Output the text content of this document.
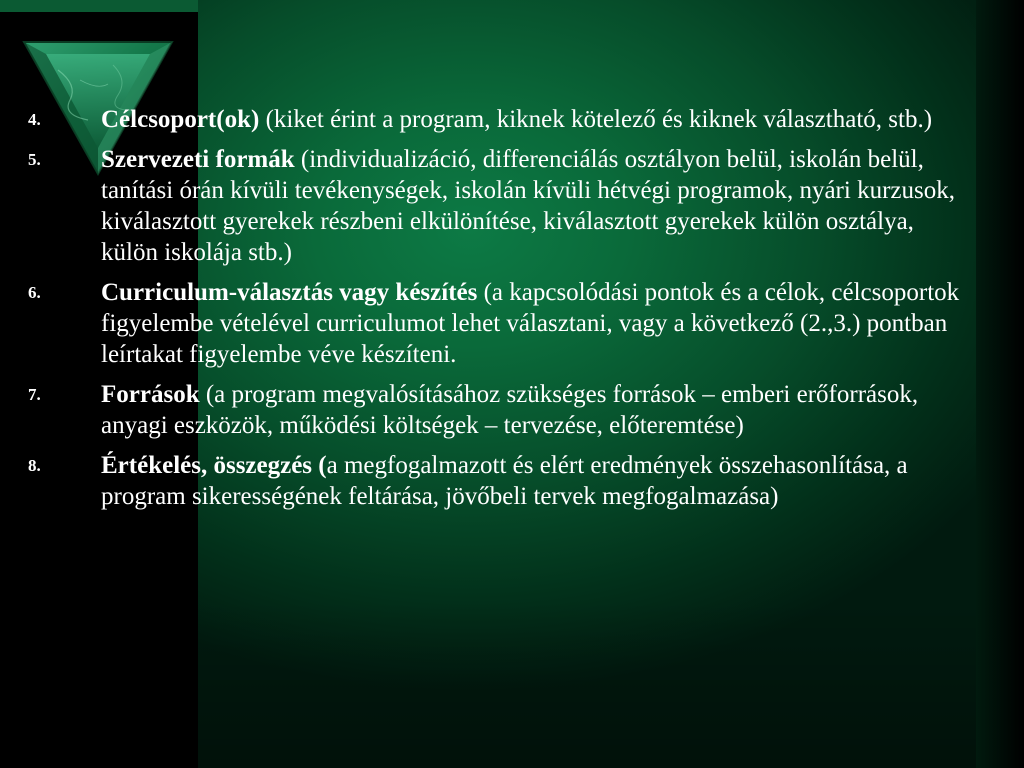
4. Célcsoport(ok) (kiket érint a program, kiknek kötelező és kiknek választható, stb.)
5. Szervezeti formák (individualizáció, differenciálás osztályon belül, iskolán belül, tanítási órán kívüli tevékenységek, iskolán kívüli hétvégi programok, nyári kurzusok, kiválasztott gyerekek részbeni elkülönítése, kiválasztott gyerekek külön osztálya, külön iskolája stb.)
6. Curriculum-választás vagy készítés (a kapcsolódási pontok és a célok, célcsoportok figyelembe vételével curriculumot lehet választani, vagy a következő (2.,3.) pontban leírtakat figyelembe véve készíteni.
7. Források (a program megvalósításához szükséges források – emberi erőforrások, anyagi eszközök, működési költségek – tervezése, előteremtése)
8. Értékelés, összegzés (a megfogalmazott és elért eredmények összehasonlítása, a program sikerességének feltárása, jövőbeli tervek megfogalmazása)
